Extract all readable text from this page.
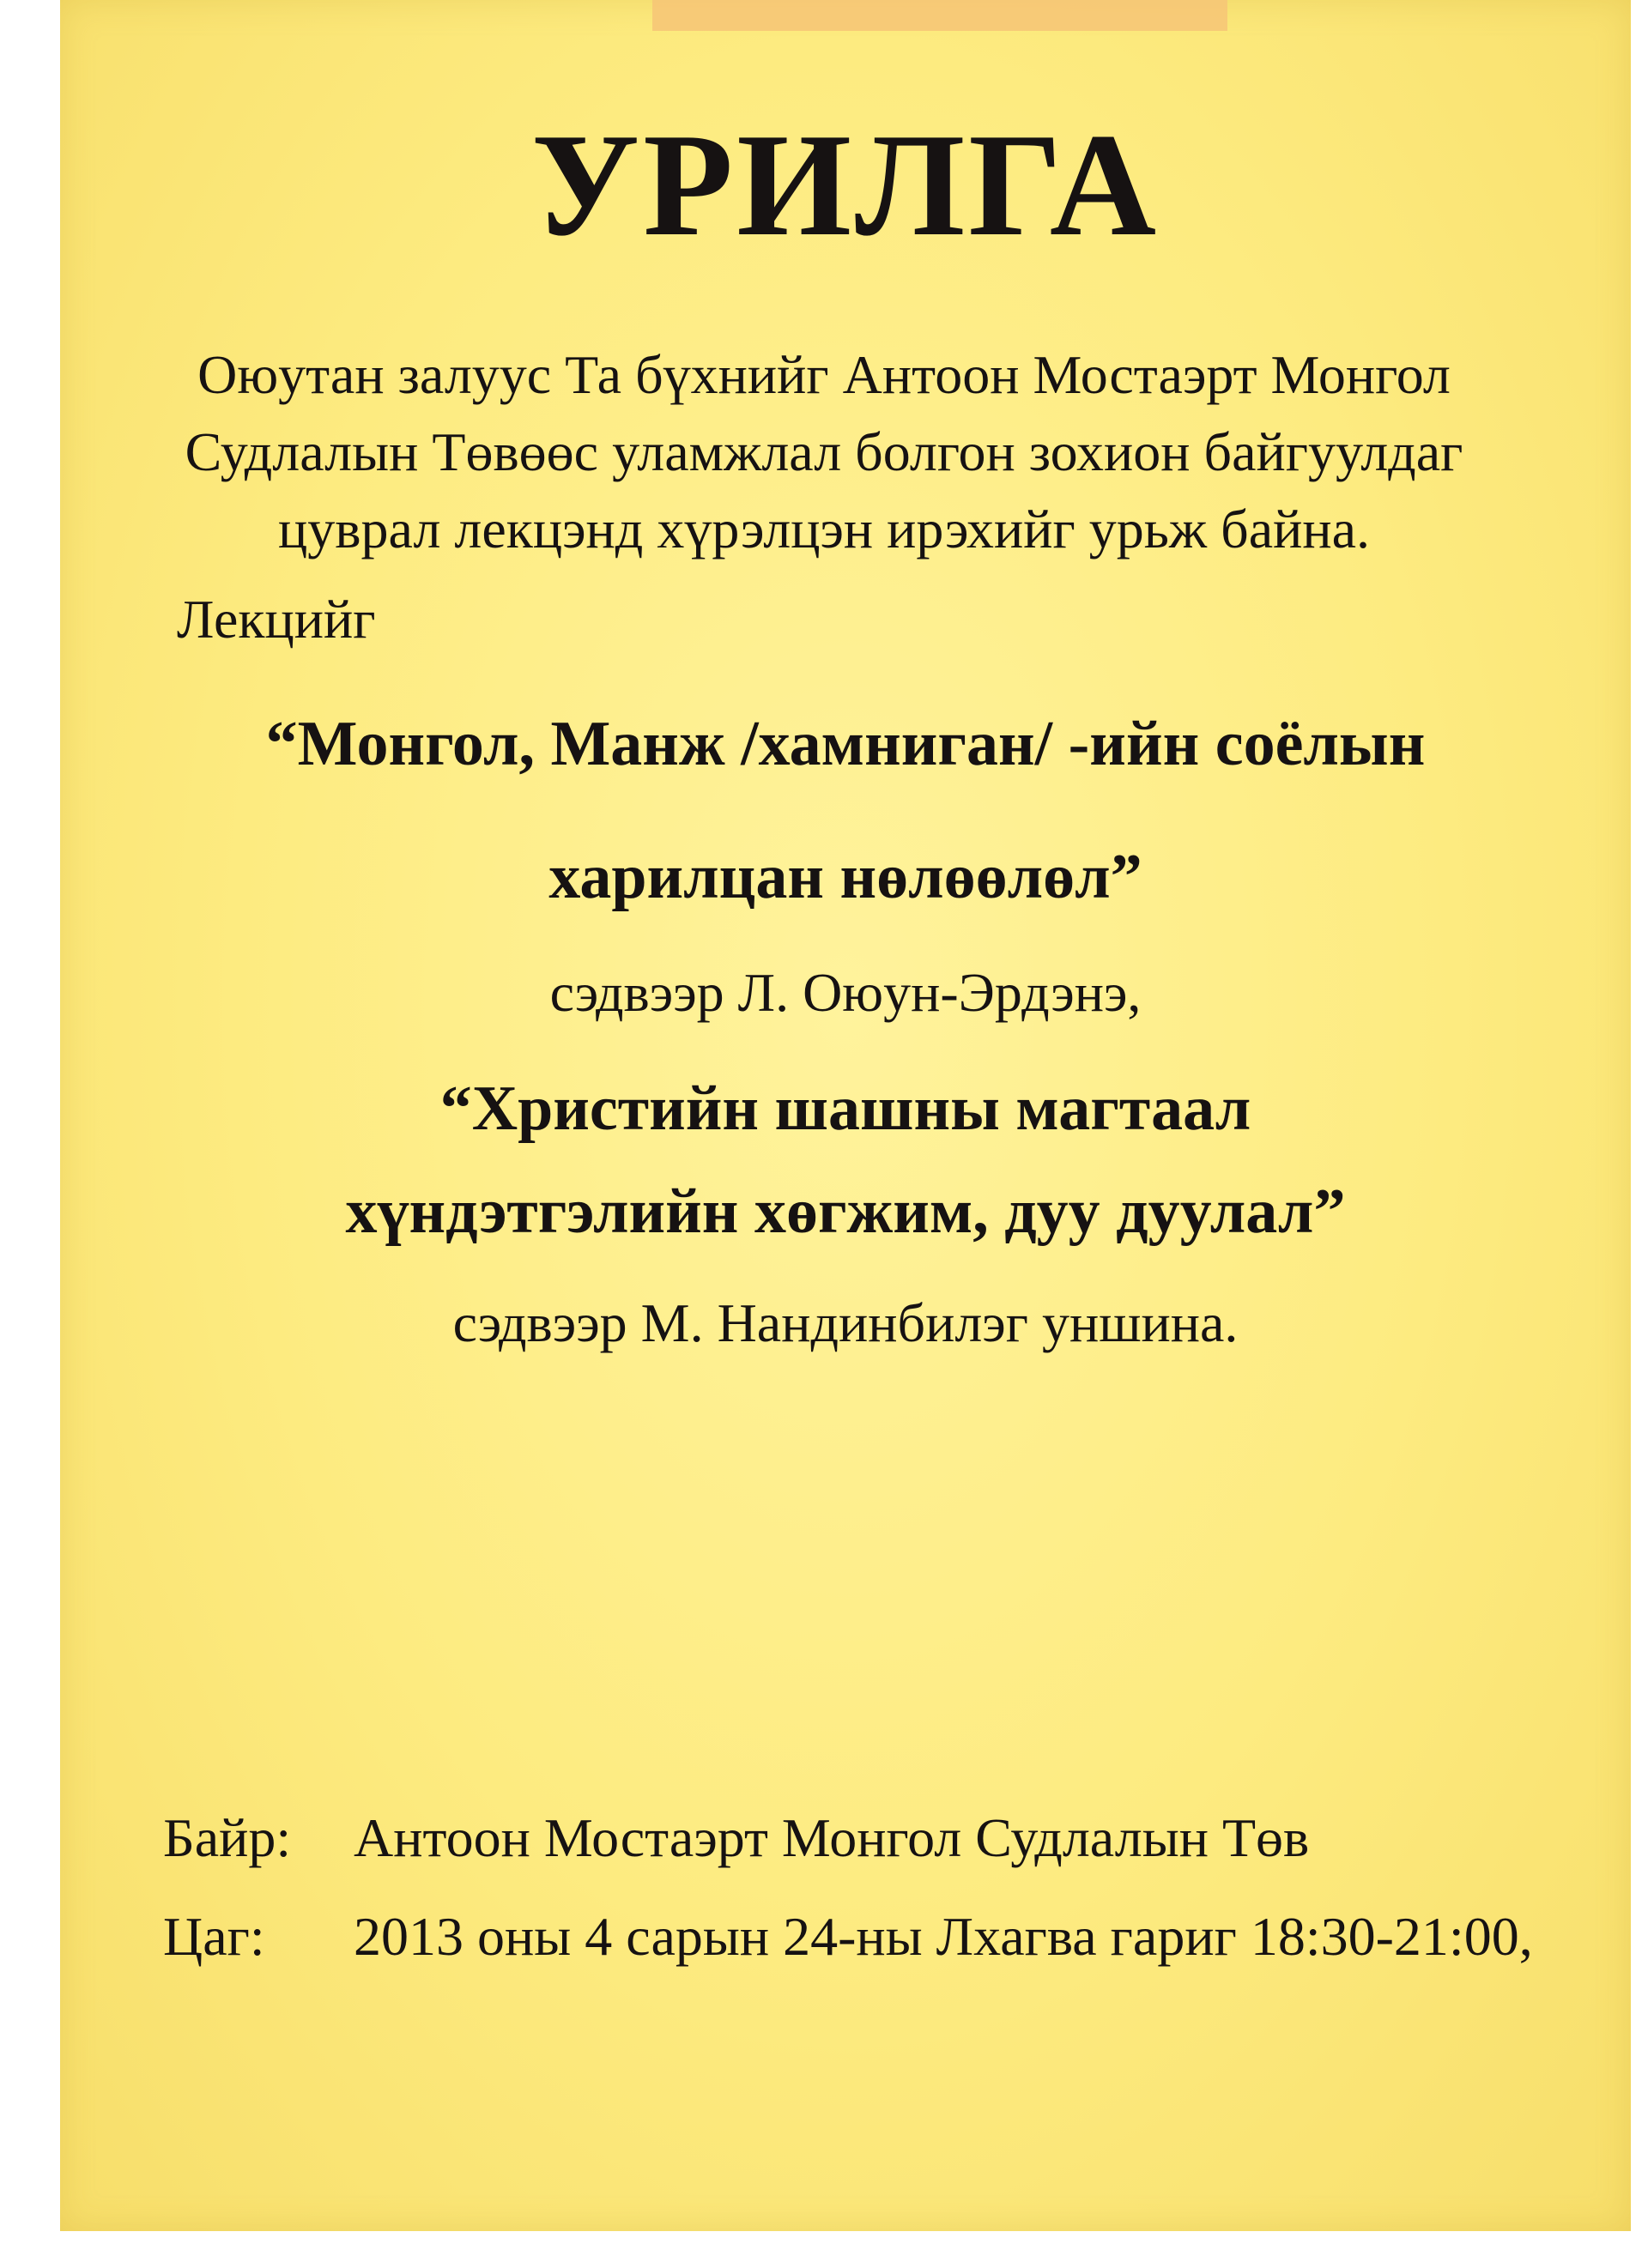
УРИЛГА
Оюутан залуус Та бүхнийг Антоон Мостаэрт Монгол
Судлалын Төвөөс уламжлал болгон зохион байгуулдаг
цуврал лекцэнд хүрэлцэн ирэхийг урьж байна.
Лекцийг
“Монгол, Манж /хамниган/ -ийн соёлын
харилцан нөлөөлөл”
сэдвээр Л. Оюун-Эрдэнэ,
“Христийн шашны магтаал
хүндэтгэлийн хөгжим, дуу дуулал”
сэдвээр М. Нандинбилэг уншина.
Байр: Антоон Мостаэрт Монгол Судлалын Төв
Цаг: 2013 оны 4 сарын 24-ны Лхагва гариг 18:30-21:00,
